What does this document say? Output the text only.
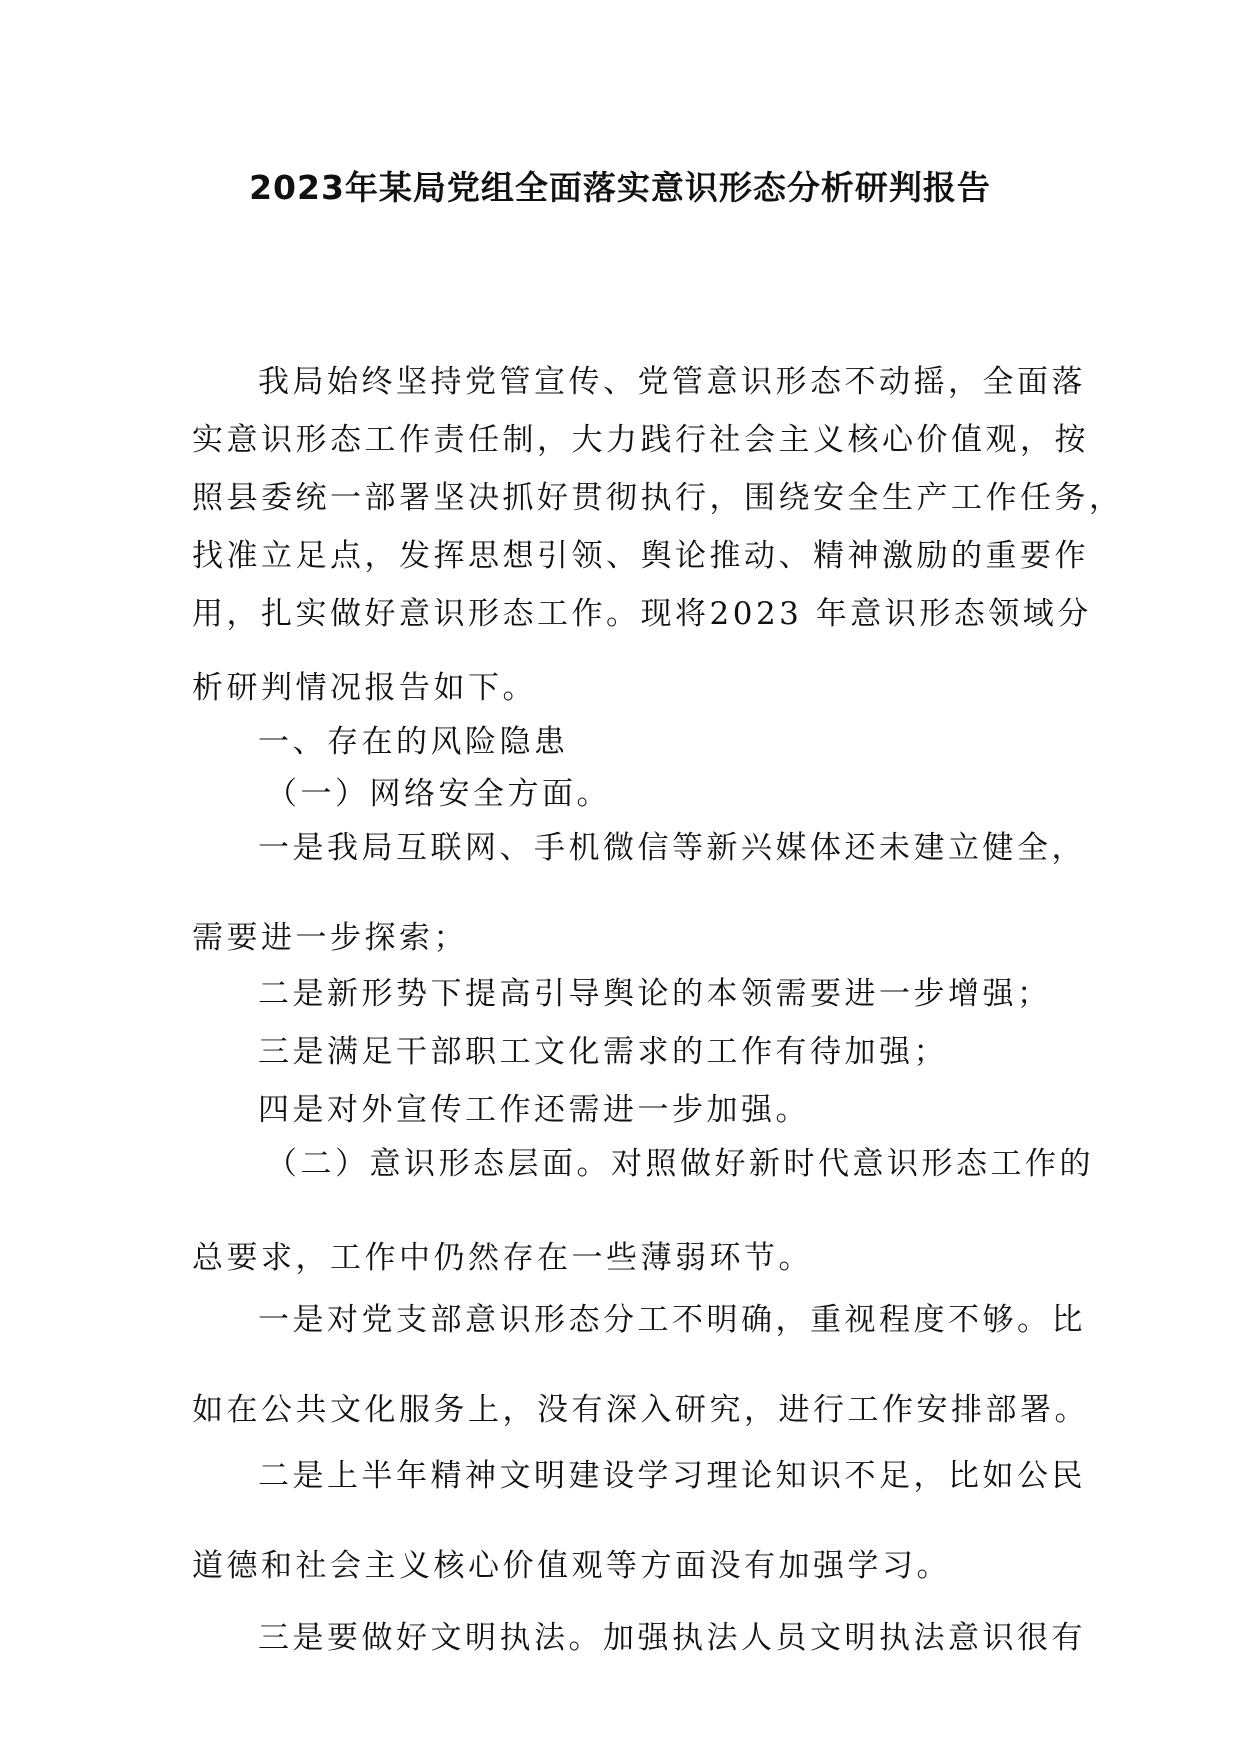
2023年某局党组全面落实意识形态分析研判报告
我局始终坚持党管宣传、党管意识形态不动摇，全面落
实意识形态工作责任制，大力践行社会主义核心价值观，按
照县委统一部署坚决抓好贯彻执行，围绕安全生产工作任务，
找准立足点，发挥思想引领、舆论推动、精神激励的重要作
用，扎实做好意识形态工作。现将2023 年意识形态领域分
析研判情况报告如下。
一、存在的风险隐患
（一）网络安全方面。
一是我局互联网、手机微信等新兴媒体还未建立健全，
需要进一步探索；
二是新形势下提高引导舆论的本领需要进一步增强；
三是满足干部职工文化需求的工作有待加强；
四是对外宣传工作还需进一步加强。
（二）意识形态层面。对照做好新时代意识形态工作的
总要求，工作中仍然存在一些薄弱环节。
一是对党支部意识形态分工不明确，重视程度不够。比
如在公共文化服务上，没有深入研究，进行工作安排部署。
二是上半年精神文明建设学习理论知识不足，比如公民
道德和社会主义核心价值观等方面没有加强学习。
三是要做好文明执法。加强执法人员文明执法意识很有
